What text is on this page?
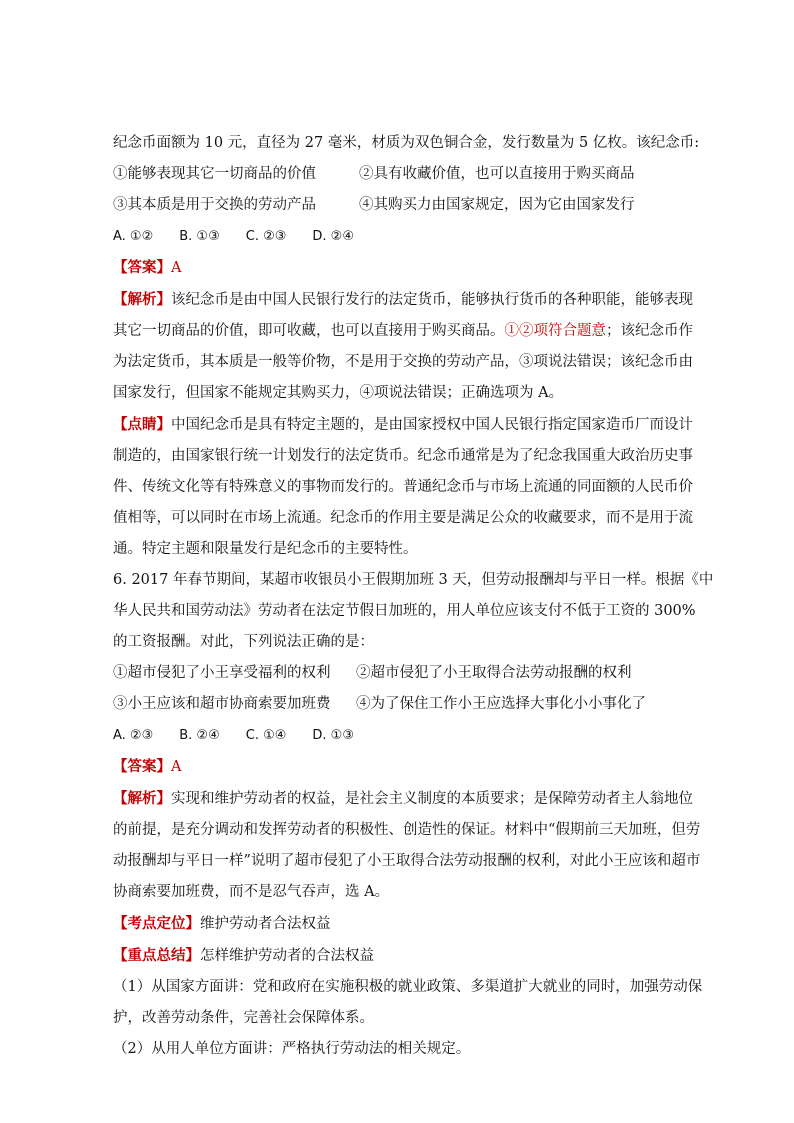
纪念币面额为 10 元，直径为 27 毫米，材质为双色铜合金，发行数量为 5 亿枚。该纪念币:
①能够表现其它一切商品的价值	②具有收藏价值，也可以直接用于购买商品
③其本质是用于交换的劳动产品	④其购买力由国家规定，因为它由国家发行
A. ①② B. ①③ C. ②③ D. ②④
【答案】A
【解析】该纪念币是由中国人民银行发行的法定货币，能够执行货币的各种职能，能够表现
其它一切商品的价值，即可收藏，也可以直接用于购买商品。①②项符合题意；该纪念币作
为法定货币，其本质是一般等价物，不是用于交换的劳动产品，③项说法错误；该纪念币由
国家发行，但国家不能规定其购买力，④项说法错误；正确选项为 A。
【点睛】中国纪念币是具有特定主题的，是由国家授权中国人民银行指定国家造币厂而设计
制造的，由国家银行统一计划发行的法定货币。纪念币通常是为了纪念我国重大政治历史事
件、传统文化等有特殊意义的事物而发行的。普通纪念币与市场上流通的同面额的人民币价
值相等，可以同时在市场上流通。纪念币的作用主要是满足公众的收藏要求，而不是用于流
通。特定主题和限量发行是纪念币的主要特性。
6. 2017 年春节期间，某超市收银员小王假期加班 3 天，但劳动报酬却与平日一样。根据《中
华人民共和国劳动法》劳动者在法定节假日加班的，用人单位应该支付不低于工资的 300%
的工资报酬。对此，下列说法正确的是：
①超市侵犯了小王享受福利的权利	②超市侵犯了小王取得合法劳动报酬的权利
③小王应该和超市协商索要加班费	④为了保住工作小王应选择大事化小小事化了
A. ②③ B. ②④ C. ①④ D. ①③
【答案】A
【解析】实现和维护劳动者的权益，是社会主义制度的本质要求；是保障劳动者主人翁地位
的前提，是充分调动和发挥劳动者的积极性、创造性的保证。材料中“假期前三天加班，但劳
动报酬却与平日一样”说明了超市侵犯了小王取得合法劳动报酬的权利，对此小王应该和超市
协商索要加班费，而不是忍气吞声，选 A。
【考点定位】维护劳动者合法权益
【重点总结】怎样维护劳动者的合法权益
（1）从国家方面讲：党和政府在实施积极的就业政策、多渠道扩大就业的同时，加强劳动保
护，改善劳动条件，完善社会保障体系。
（2）从用人单位方面讲：严格执行劳动法的相关规定。
